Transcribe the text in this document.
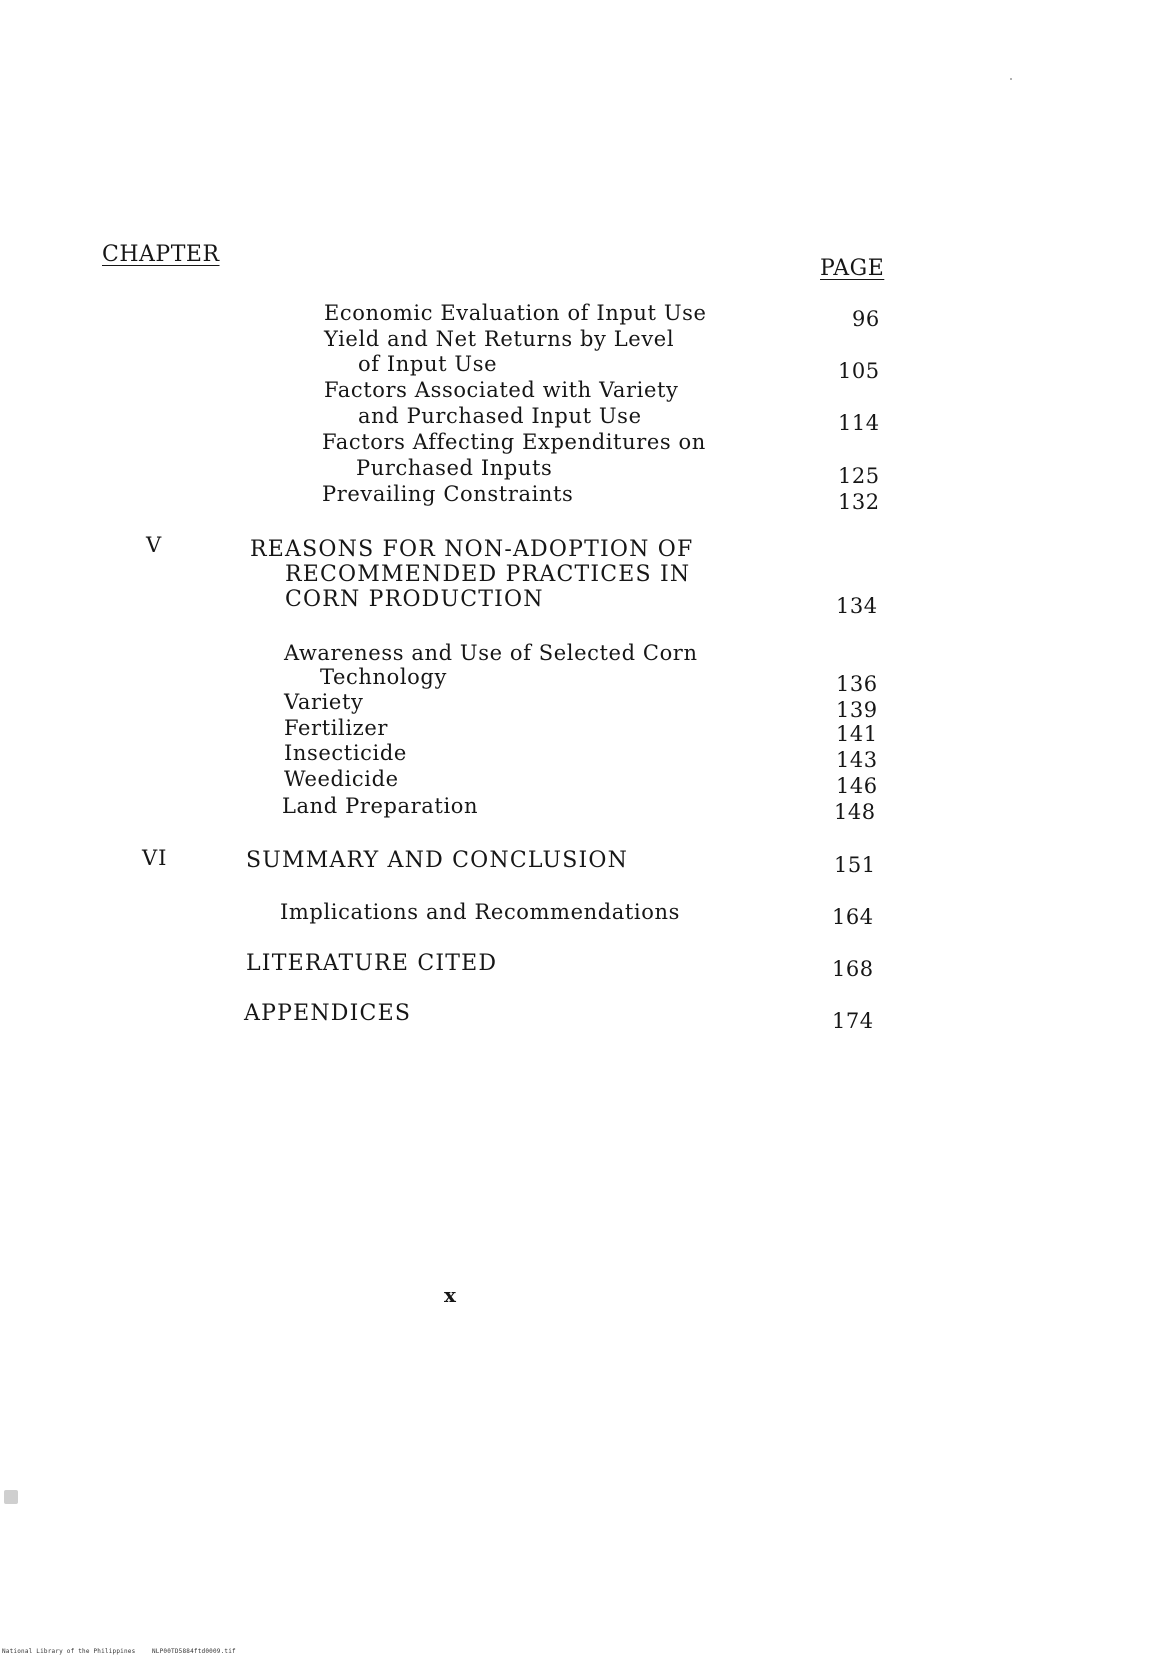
CHAPTER
PAGE
Economic Evaluation of Input Use	96
Yield and Net Returns by Level
of Input Use	105
Factors Associated with Variety
and Purchased Input Use	114
Factors Affecting Expenditures on
Purchased Inputs	125
Prevailing Constraints	132
V	REASONS FOR NON-ADOPTION OF
RECOMMENDED PRACTICES IN
CORN PRODUCTION	134
Awareness and Use of Selected Corn
Technology	136
Variety	139
Fertilizer	141
Insecticide	143
Weedicide	146
Land Preparation	148
VI	SUMMARY AND CONCLUSION	151
Implications and Recommendations	164
LITERATURE CITED	168
APPENDICES	174
x
National Library of the Philippines	NLP00TD5884ftd0009.tif
